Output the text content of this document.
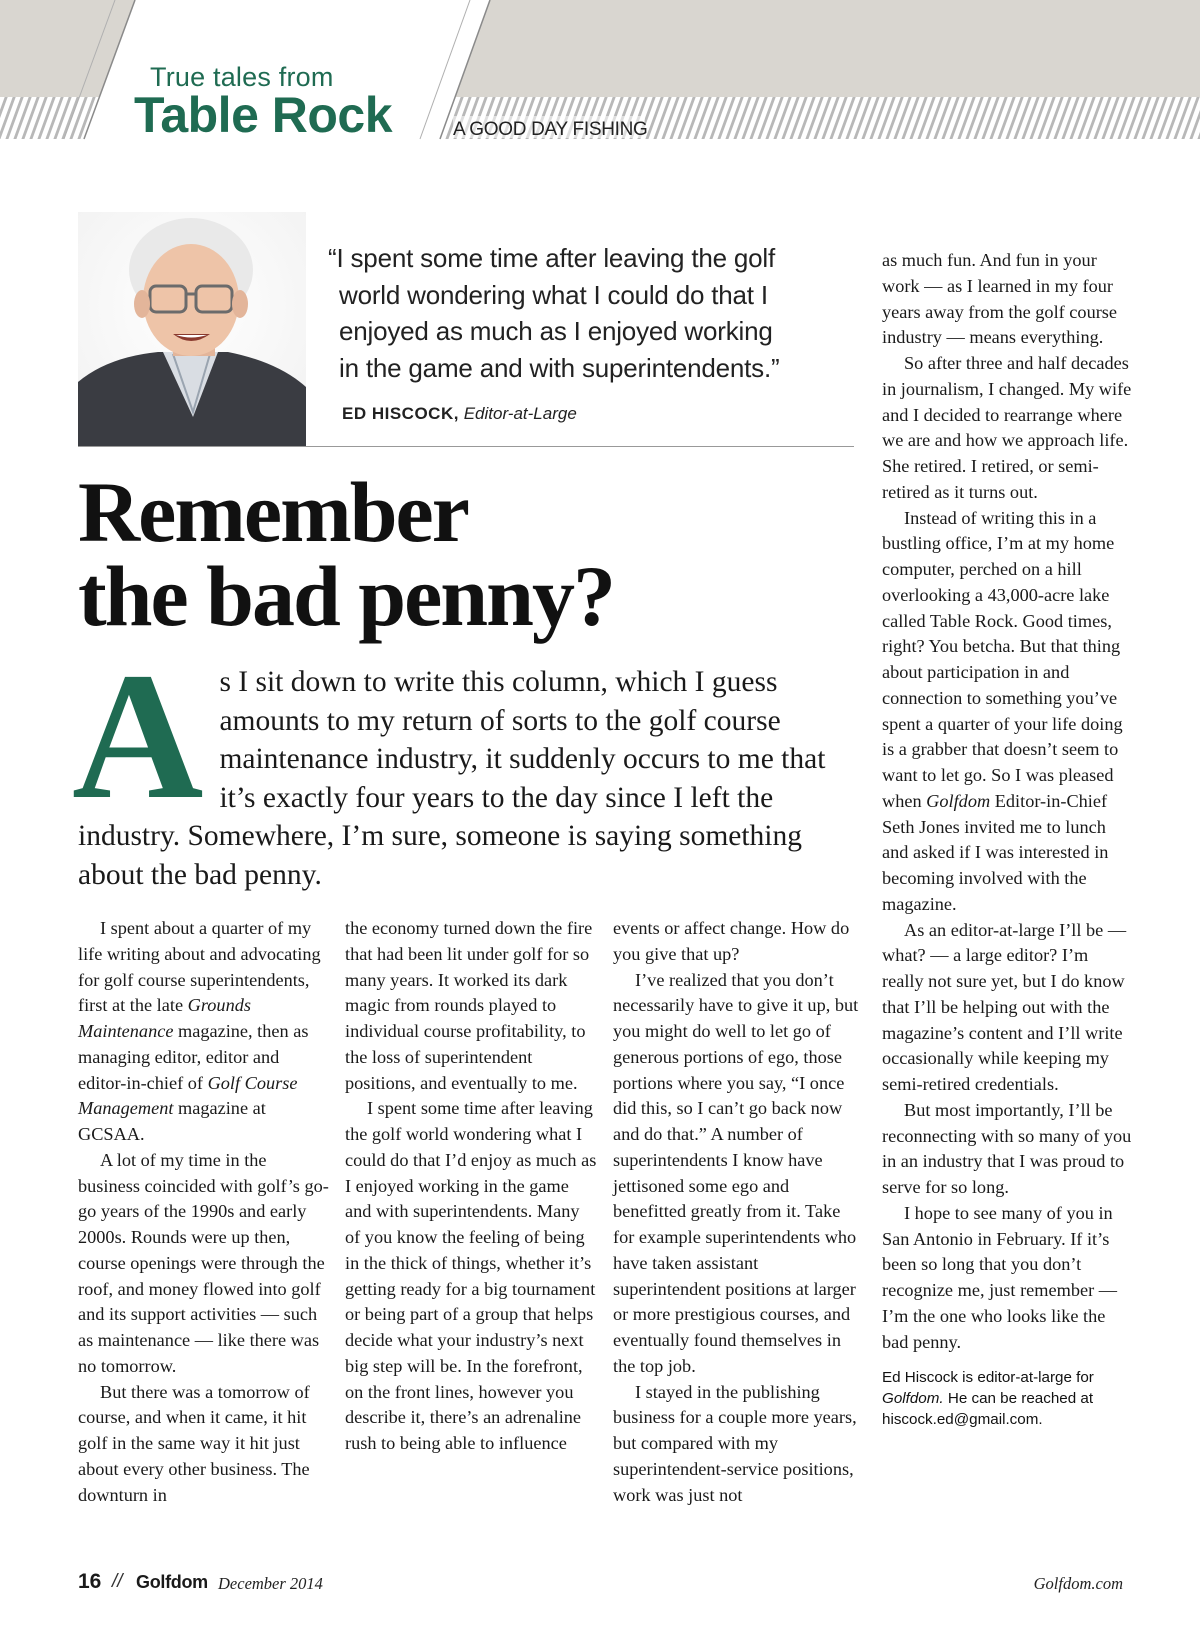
True tales from
Table Rock	A GOOD DAY FISHING

“I spent some time after leaving the golf world wondering what I could do that I enjoyed as much as I enjoyed working in the game and with superintendents.”

ED HISCOCK, Editor-at-Large
Remember
the bad penny?
As I sit down to write this column, which I guess amounts to my return of sorts to the golf course maintenance industry, it suddenly occurs to me that it’s exactly four years to the day since I left the industry. Somewhere, I’m sure, someone is saying something about the bad penny.

I spent about a quarter of my life writing about and advocating for golf course superintendents, first at the late Grounds Maintenance magazine, then as managing editor, editor and editor-in-chief of Golf Course Management magazine at GCSAA.

A lot of my time in the business coincided with golf’s go-go years of the 1990s and early 2000s. Rounds were up then, course openings were through the roof, and money flowed into golf and its support activities — such as maintenance — like there was no tomorrow.

But there was a tomorrow of course, and when it came, it hit golf in the same way it hit just about every other business. The downturn in

the economy turned down the fire that had been lit under golf for so many years. It worked its dark magic from rounds played to individual course profitability, to the loss of superintendent positions, and eventually to me.

I spent some time after leaving the golf world wondering what I could do that I’d enjoy as much as I enjoyed working in the game and with superintendents. Many of you know the feeling of being in the thick of things, whether it’s getting ready for a big tournament or being part of a group that helps decide what your industry’s next big step will be. In the forefront, on the front lines, however you describe it, there’s an adrenaline rush to being able to influence

events or affect change. How do you give that up?

I’ve realized that you don’t necessarily have to give it up, but you might do well to let go of generous portions of ego, those portions where you say, “I once did this, so I can’t go back now and do that.” A number of superintendents I know have jettisoned some ego and benefitted greatly from it. Take for example superintendents who have taken assistant superintendent positions at larger or more prestigious courses, and eventually found themselves in the top job.

I stayed in the publishing business for a couple more years, but compared with my superintendent-service positions, work was just not

as much fun. And fun in your work — as I learned in my four years away from the golf course industry — means everything.

So after three and half decades in journalism, I changed. My wife and I decided to rearrange where we are and how we approach life. She retired. I retired, or semi-retired as it turns out.

Instead of writing this in a bustling office, I’m at my home computer, perched on a hill overlooking a 43,000-acre lake called Table Rock. Good times, right? You betcha. But that thing about participation in and connection to something you’ve spent a quarter of your life doing is a grabber that doesn’t seem to want to let go. So I was pleased when Golfdom Editor-in-Chief Seth Jones invited me to lunch and asked if I was interested in becoming involved with the magazine.

As an editor-at-large I’ll be — what? — a large editor? I’m really not sure yet, but I do know that I’ll be helping out with the magazine’s content and I’ll write occasionally while keeping my semi-retired credentials.

But most importantly, I’ll be reconnecting with so many of you in an industry that I was proud to serve for so long.

I hope to see many of you in San Antonio in February. If it’s been so long that you don’t recognize me, just remember — I’m the one who looks like the bad penny.

Ed Hiscock is editor-at-large for Golfdom. He can be reached at hiscock.ed@gmail.com.
16 // Golfdom December 2014	Golfdom.com
